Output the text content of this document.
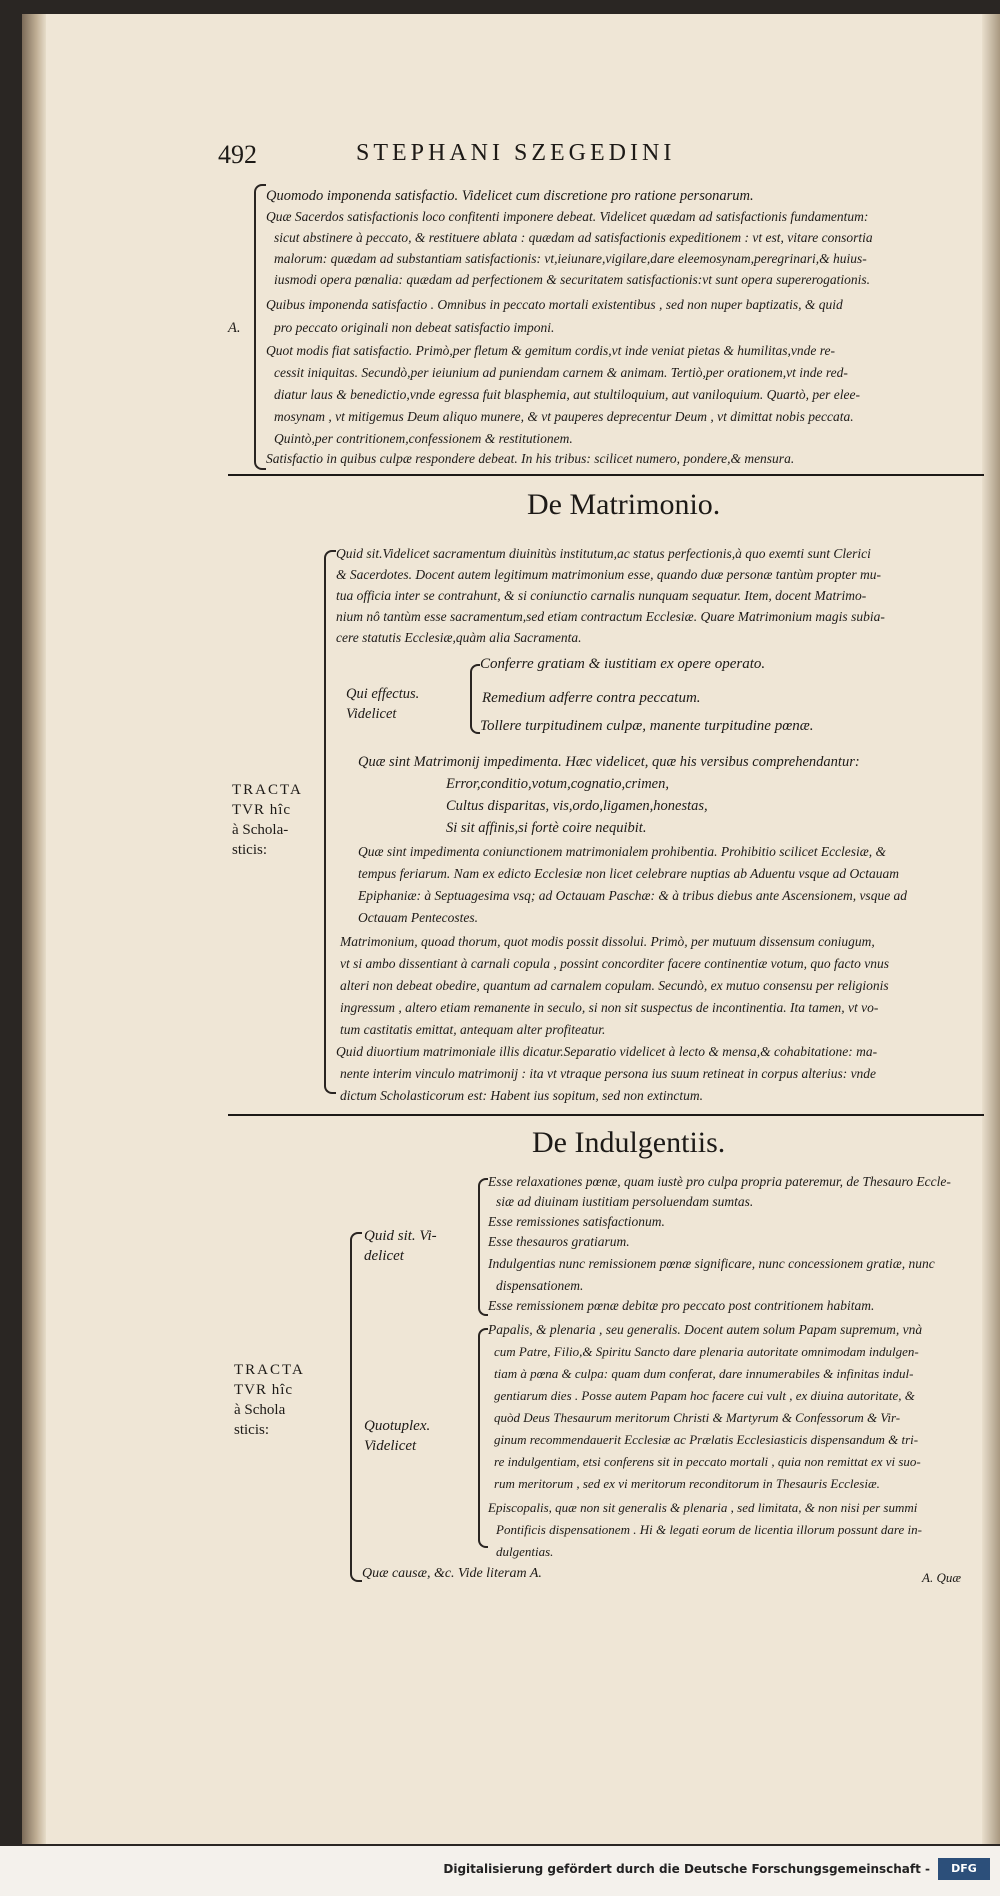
492	STEPHANI SZEGEDINI
A.
Quomodo imponenda satisfactio. Videlicet cum discretione pro ratione personarum.
Quæ Sacerdos satisfactionis loco confitenti imponere debeat. Videlicet quædam ad satisfactionis fundamentum:
sicut abstinere à peccato, & restituere ablata : quædam ad satisfactionis expeditionem : vt est, vitare consortia
malorum: quædam ad substantiam satisfactionis: vt,ieiunare,vigilare,dare eleemosynam,peregrinari,& huius-
iusmodi opera pœnalia: quædam ad perfectionem & securitatem satisfactionis:vt sunt opera supererogationis.
Quibus imponenda satisfactio . Omnibus in peccato mortali existentibus , sed non nuper baptizatis, & quid
pro peccato originali non debeat satisfactio imponi.
Quot modis fiat satisfactio. Primò,per fletum & gemitum cordis,vt inde veniat pietas & humilitas,vnde re-
cessit iniquitas. Secundò,per ieiunium ad puniendam carnem & animam. Tertiò,per orationem,vt inde red-
diatur laus & benedictio,vnde egressa fuit blasphemia, aut stultiloquium, aut vaniloquium. Quartò, per elee-
mosynam , vt mitigemus Deum aliquo munere, & vt pauperes deprecentur Deum , vt dimittat nobis peccata.
Quintò,per contritionem,confessionem & restitutionem.
Satisfactio in quibus culpæ respondere debeat. In his tribus: scilicet numero, pondere,& mensura.
De Matrimonio.
TRACTA
TVR hîc
à Schola-
sticis:
Quid sit.Videlicet sacramentum diuinitùs institutum,ac status perfectionis,à quo exemti sunt Clerici
& Sacerdotes. Docent autem legitimum matrimonium esse, quando duæ personæ tantùm propter mu-
tua officia inter se contrahunt, & si coniunctio carnalis nunquam sequatur. Item, docent Matrimo-
nium nô tantùm esse sacramentum,sed etiam contractum Ecclesiæ. Quare Matrimonium magis subia-
cere statutis Ecclesiæ,quàm alia Sacramenta.
Qui effectus.
Videlicet
Conferre gratiam & iustitiam ex opere operato.
Remedium adferre contra peccatum.
Tollere turpitudinem culpæ, manente turpitudine pœnæ.
Quæ sint Matrimonij impedimenta. Hæc videlicet, quæ his versibus comprehendantur:
Error,conditio,votum,cognatio,crimen,
Cultus disparitas, vis,ordo,ligamen,honestas,
Si sit affinis,si fortè coire nequibit.
Quæ sint impedimenta coniunctionem matrimonialem prohibentia. Prohibitio scilicet Ecclesiæ, &
tempus feriarum. Nam ex edicto Ecclesiæ non licet celebrare nuptias ab Aduentu vsque ad Octauam
Epiphaniæ: à Septuagesima vsq; ad Octauam Paschæ: & à tribus diebus ante Ascensionem, vsque ad
Octauam Pentecostes.
Matrimonium, quoad thorum, quot modis possit dissolui. Primò, per mutuum dissensum coniugum,
vt si ambo dissentiant à carnali copula , possint concorditer facere continentiæ votum, quo facto vnus
alteri non debeat obedire, quantum ad carnalem copulam. Secundò, ex mutuo consensu per religionis
ingressum , altero etiam remanente in seculo, si non sit suspectus de incontinentia. Ita tamen, vt vo-
tum castitatis emittat, antequam alter profiteatur.
Quid diuortium matrimoniale illis dicatur.Separatio videlicet à lecto & mensa,& cohabitatione: ma-
nente interim vinculo matrimonij : ita vt vtraque persona ius suum retineat in corpus alterius: vnde
dictum Scholasticorum est: Habent ius sopitum, sed non extinctum.
De Indulgentiis.
TRACTA
TVR hîc
à Schola
sticis:
Quid sit. Vi-
delicet
Esse relaxationes pœnæ, quam iustè pro culpa propria pateremur, de Thesauro Eccle-
siæ ad diuinam iustitiam persoluendam sumtas.
Esse remissiones satisfactionum.
Esse thesauros gratiarum.
Indulgentias nunc remissionem pœnæ significare, nunc concessionem gratiæ, nunc
dispensationem.
Esse remissionem pœnæ debitæ pro peccato post contritionem habitam.
Quotuplex.
Videlicet
Papalis, & plenaria , seu generalis. Docent autem solum Papam supremum, vnà
cum Patre, Filio,& Spiritu Sancto dare plenaria autoritate omnimodam indulgen-
tiam à pœna & culpa: quam dum conferat, dare innumerabiles & infinitas indul-
gentiarum dies . Posse autem Papam hoc facere cui vult , ex diuina autoritate, &
quòd Deus Thesaurum meritorum Christi & Martyrum & Confessorum & Vir-
ginum recommendauerit Ecclesiæ ac Prælatis Ecclesiasticis dispensandum & tri-
re indulgentiam, etsi conferens sit in peccato mortali , quia non remittat ex vi suo-
rum meritorum , sed ex vi meritorum reconditorum in Thesauris Ecclesiæ.
Episcopalis, quæ non sit generalis & plenaria , sed limitata, & non nisi per summi
Pontificis dispensationem . Hi & legati eorum de licentia illorum possunt dare in-
dulgentias.
Quæ causæ, &c. Vide literam A.	A. Quæ
Digitalisierung gefördert durch die Deutsche Forschungsgemeinschaft -	DFG
